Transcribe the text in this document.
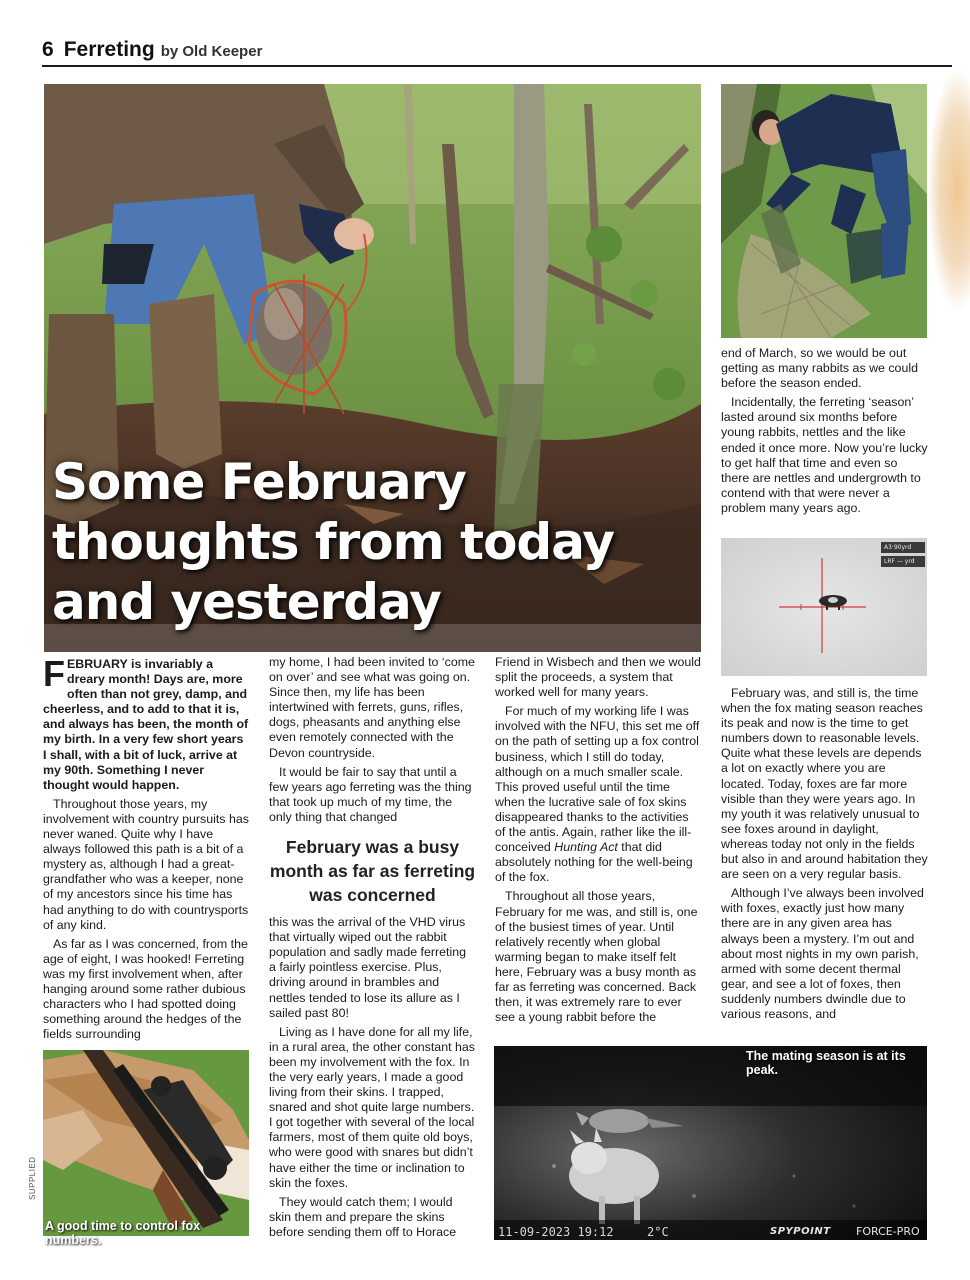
6 Ferreting by Old Keeper
Some February
thoughts from today
and yesterday
A3·90yrd
LRF — yrd
A good time to control fox numbers.
SUPPLIED
The mating season is at its peak.
11-09-2023 19:12	2°C	SPYPOINT FORCE-PRO

FEBRUARY is invariably a dreary month! Days are, more often than not grey, damp, and cheerless, and to add to that it is, and always has been, the month of my birth. In a very few short years I shall, with a bit of luck, arrive at my 90th. Something I never thought would happen.

Throughout those years, my involvement with country pursuits has never waned. Quite why I have always followed this path is a bit of a mystery as, although I had a great-grandfather who was a keeper, none of my ancestors since his time has had anything to do with countrysports of any kind.

As far as I was concerned, from the age of eight, I was hooked! Ferreting was my first involvement when, after hanging around some rather dubious characters who I had spotted doing something around the hedges of the fields surrounding

my home, I had been invited to ‘come on over’ and see what was going on. Since then, my life has been intertwined with ferrets, guns, rifles, dogs, pheasants and anything else even remotely connected with the Devon countryside.

It would be fair to say that until a few years ago ferreting was the thing that took up much of my time, the only thing that changed

February was a busy month as far as ferreting was concerned

this was the arrival of the VHD virus that virtually wiped out the rabbit population and sadly made ferreting a fairly pointless exercise. Plus, driving around in brambles and nettles tended to lose its allure as I sailed past 80!

Living as I have done for all my life, in a rural area, the other constant has been my involvement with the fox. In the very early years, I made a good living from their skins. I trapped, snared and shot quite large numbers. I got together with several of the local farmers, most of them quite old boys, who were good with snares but didn’t have either the time or inclination to skin the foxes.

They would catch them; I would skin them and prepare the skins before sending them off to Horace

Friend in Wisbech and then we would split the proceeds, a system that worked well for many years.

For much of my working life I was involved with the NFU, this set me off on the path of setting up a fox control business, which I still do today, although on a much smaller scale. This proved useful until the time when the lucrative sale of fox skins disappeared thanks to the activities of the antis. Again, rather like the ill-conceived Hunting Act that did absolutely nothing for the well-being of the fox.

Throughout all those years, February for me was, and still is, one of the busiest times of year. Until relatively recently when global warming began to make itself felt here, February was a busy month as far as ferreting was concerned. Back then, it was extremely rare to ever see a young rabbit before the

end of March, so we would be out getting as many rabbits as we could before the season ended.

Incidentally, the ferreting ‘season’ lasted around six months before young rabbits, nettles and the like ended it once more. Now you’re lucky to get half that time and even so there are nettles and undergrowth to contend with that were never a problem many years ago.

February was, and still is, the time when the fox mating season reaches its peak and now is the time to get numbers down to reasonable levels. Quite what these levels are depends a lot on exactly where you are located. Today, foxes are far more visible than they were years ago. In my youth it was relatively unusual to see foxes around in daylight, whereas today not only in the fields but also in and around habitation they are seen on a very regular basis.

Although I’ve always been involved with foxes, exactly just how many there are in any given area has always been a mystery. I’m out and about most nights in my own parish, armed with some decent thermal gear, and see a lot of foxes, then suddenly numbers dwindle due to various reasons, and
